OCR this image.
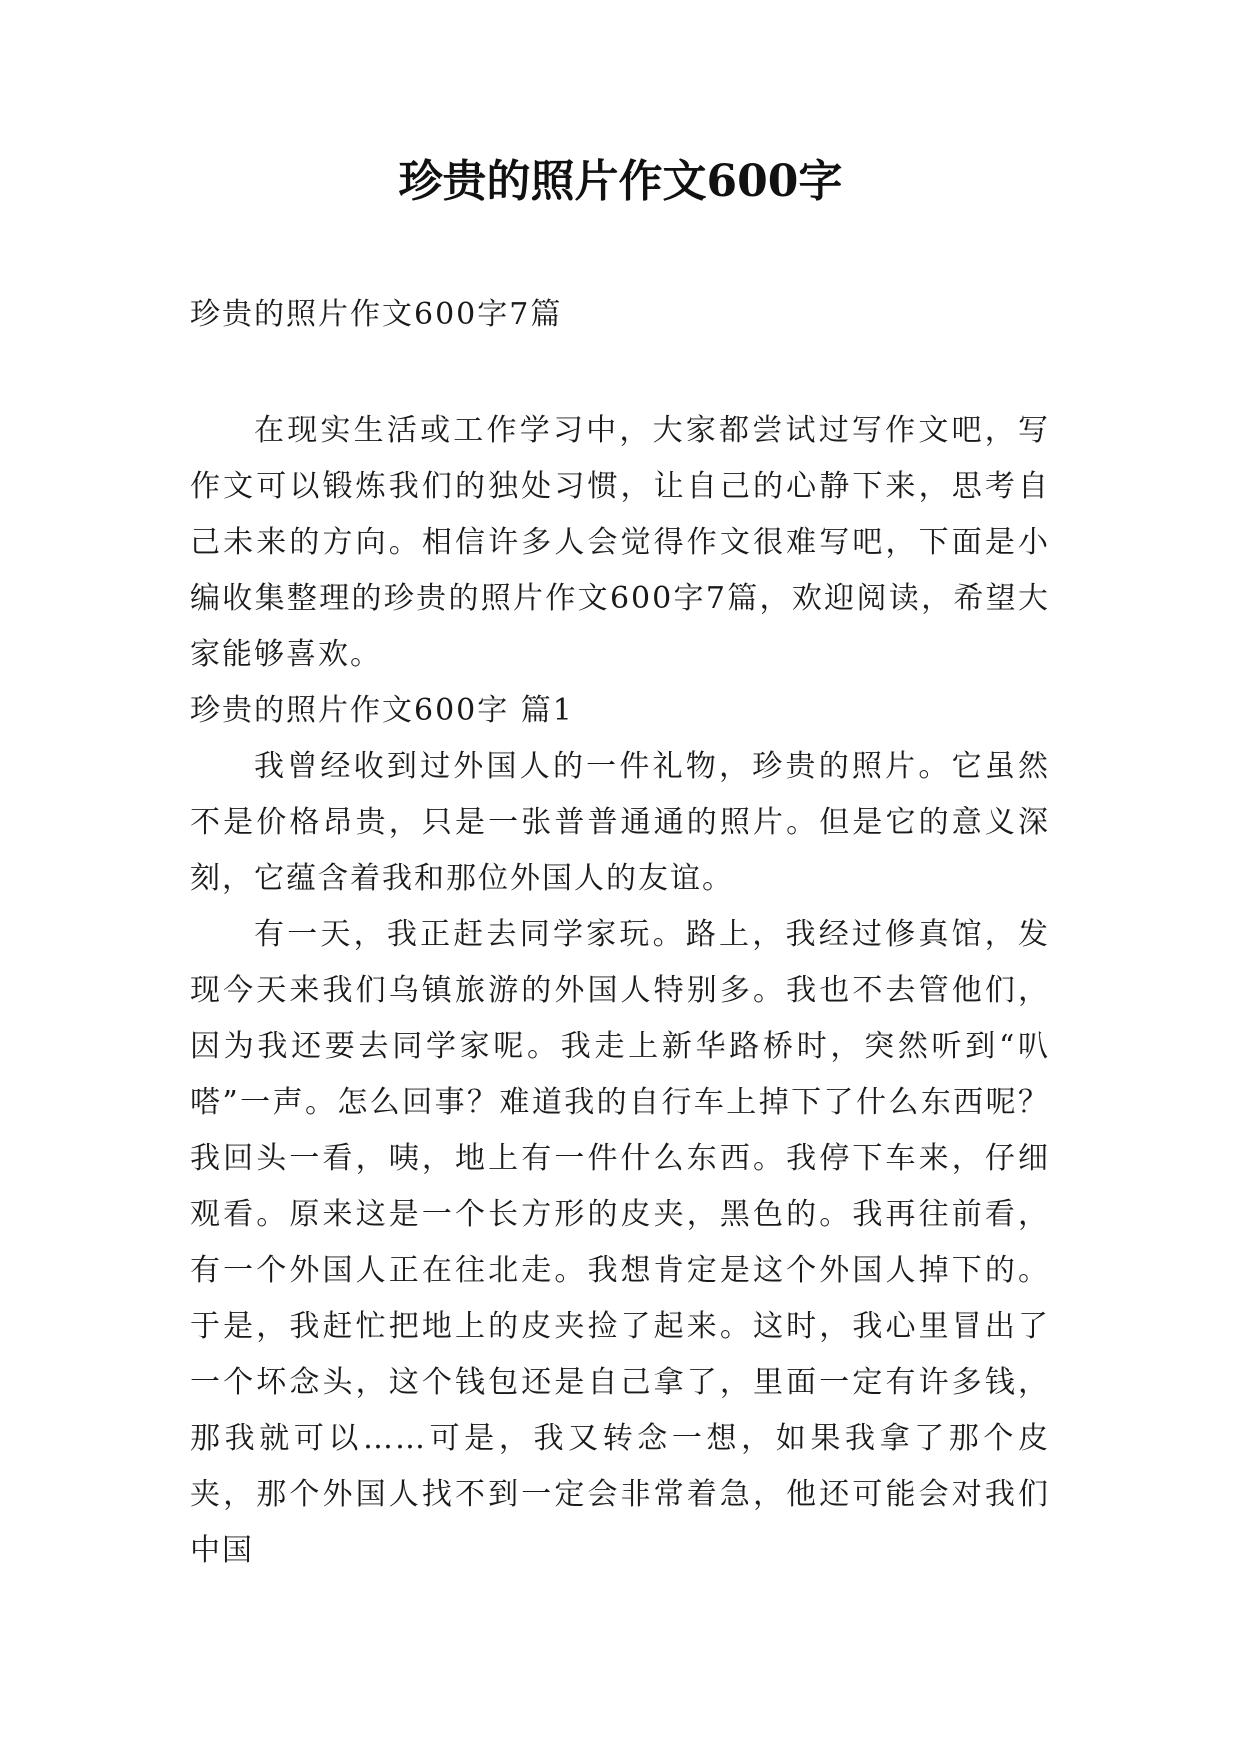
珍贵的照片作文600字

珍贵的照片作文600字7篇

在现实生活或工作学习中，大家都尝试过写作文吧，写作文可以锻炼我们的独处习惯，让自己的心静下来，思考自己未来的方向。相信许多人会觉得作文很难写吧，下面是小编收集整理的珍贵的照片作文600字7篇，欢迎阅读，希望大家能够喜欢。

珍贵的照片作文600字 篇1

我曾经收到过外国人的一件礼物，珍贵的照片。它虽然不是价格昂贵，只是一张普普通通的照片。但是它的意义深刻，它蕴含着我和那位外国人的友谊。

有一天，我正赶去同学家玩。路上，我经过修真馆，发现今天来我们乌镇旅游的外国人特别多。我也不去管他们，因为我还要去同学家呢。我走上新华路桥时，突然听到“叭嗒”一声。怎么回事？难道我的自行车上掉下了什么东西呢？我回头一看，咦，地上有一件什么东西。我停下车来，仔细观看。原来这是一个长方形的皮夹，黑色的。我再往前看，有一个外国人正在往北走。我想肯定是这个外国人掉下的。于是，我赶忙把地上的皮夹捡了起来。这时，我心里冒出了一个坏念头，这个钱包还是自己拿了，里面一定有许多钱，那我就可以……可是，我又转念一想，如果我拿了那个皮夹，那个外国人找不到一定会非常着急，他还可能会对我们中国
